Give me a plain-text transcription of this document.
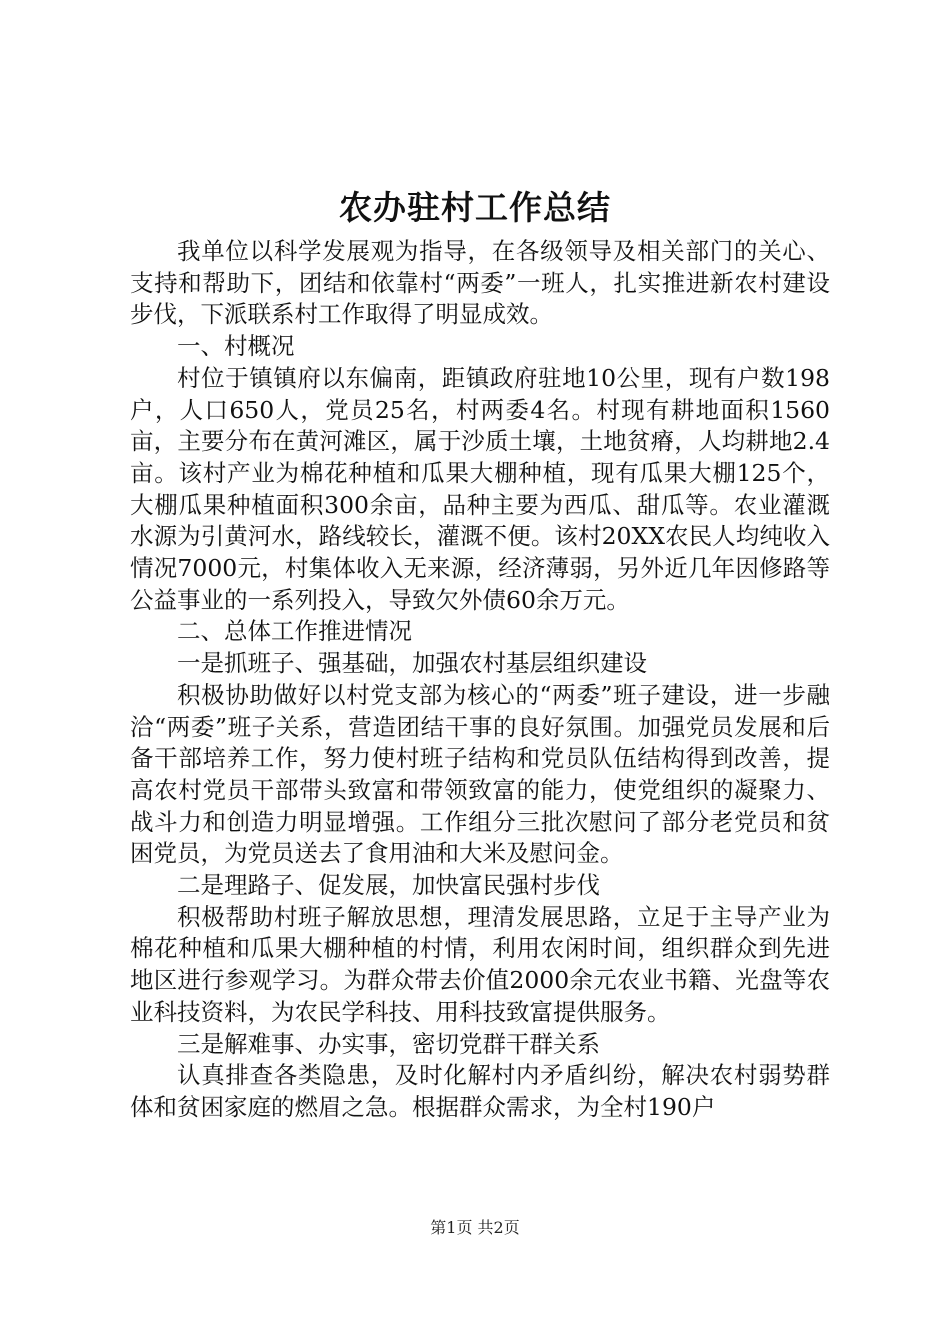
农办驻村工作总结

我单位以科学发展观为指导，在各级领导及相关部门的关心、支持和帮助下，团结和依靠村“两委”一班人，扎实推进新农村建设步伐，下派联系村工作取得了明显成效。

一、村概况

村位于镇镇府以东偏南，距镇政府驻地10公里，现有户数198户，人口650人，党员25名，村两委4名。村现有耕地面积1560亩，主要分布在黄河滩区，属于沙质土壤，土地贫瘠，人均耕地2.4亩。该村产业为棉花种植和瓜果大棚种植，现有瓜果大棚125个，大棚瓜果种植面积300余亩，品种主要为西瓜、甜瓜等。农业灌溉水源为引黄河水，路线较长，灌溉不便。该村20XX农民人均纯收入情况7000元，村集体收入无来源，经济薄弱，另外近几年因修路等公益事业的一系列投入，导致欠外债60余万元。

二、总体工作推进情况

一是抓班子、强基础，加强农村基层组织建设

积极协助做好以村党支部为核心的“两委”班子建设，进一步融洽“两委”班子关系，营造团结干事的良好氛围。加强党员发展和后备干部培养工作，努力使村班子结构和党员队伍结构得到改善，提高农村党员干部带头致富和带领致富的能力，使党组织的凝聚力、战斗力和创造力明显增强。工作组分三批次慰问了部分老党员和贫困党员，为党员送去了食用油和大米及慰问金。

二是理路子、促发展，加快富民强村步伐

积极帮助村班子解放思想，理清发展思路，立足于主导产业为棉花种植和瓜果大棚种植的村情，利用农闲时间，组织群众到先进地区进行参观学习。为群众带去价值2000余元农业书籍、光盘等农业科技资料，为农民学科技、用科技致富提供服务。

三是解难事、办实事，密切党群干群关系

认真排查各类隐患，及时化解村内矛盾纠纷，解决农村弱势群体和贫困家庭的燃眉之急。根据群众需求，为全村190户

第1页 共2页
